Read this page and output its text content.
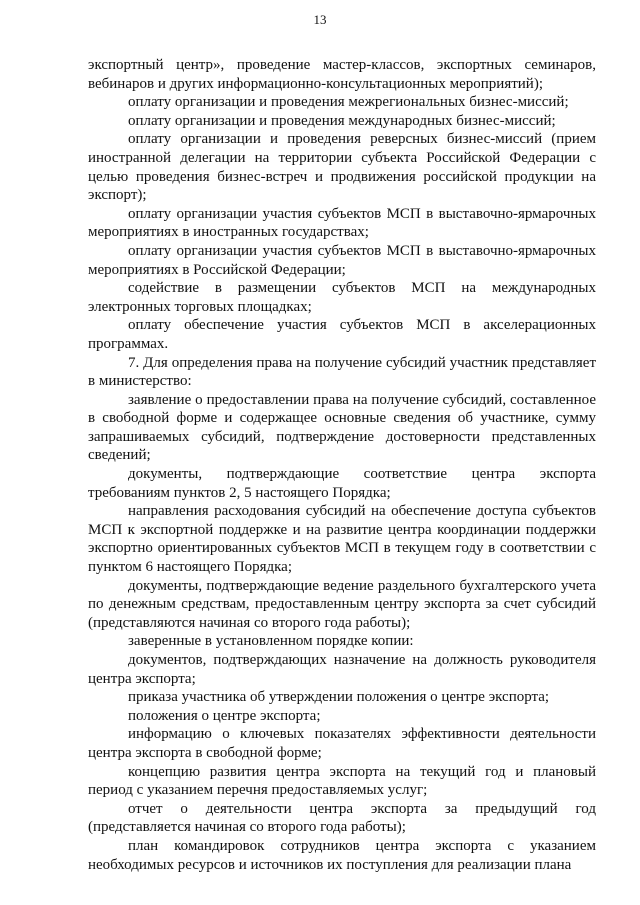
13

экспортный центр», проведение мастер-классов, экспортных семинаров, вебинаров и других информационно-консультационных мероприятий);

оплату организации и проведения межрегиональных бизнес-миссий;

оплату организации и проведения международных бизнес-миссий;

оплату организации и проведения реверсных бизнес-миссий (прием иностранной делегации на территории субъекта Российской Федерации с целью проведения бизнес-встреч и продвижения российской продукции на экспорт);

оплату организации участия субъектов МСП в выставочно-ярмарочных мероприятиях в иностранных государствах;

оплату организации участия субъектов МСП в выставочно-ярмарочных мероприятиях в Российской Федерации;

содействие в размещении субъектов МСП на международных электронных торговых площадках;

оплату обеспечение участия субъектов МСП в акселерационных программах.

7. Для определения права на получение субсидий участник представляет в министерство:

заявление о предоставлении права на получение субсидий, составленное в свободной форме и содержащее основные сведения об участнике, сумму запрашиваемых субсидий, подтверждение достоверности представленных сведений;

документы, подтверждающие соответствие центра экспорта требованиям пунктов 2, 5 настоящего Порядка;

направления расходования субсидий на обеспечение доступа субъектов МСП к экспортной поддержке и на развитие центра координации поддержки экспортно ориентированных субъектов МСП в текущем году в соответствии с пунктом 6 настоящего Порядка;

документы, подтверждающие ведение раздельного бухгалтерского учета по денежным средствам, предоставленным центру экспорта за счет субсидий (представляются начиная со второго года работы);

заверенные в установленном порядке копии:

документов, подтверждающих назначение на должность руководителя центра экспорта;

приказа участника об утверждении положения о центре экспорта;

положения о центре экспорта;

информацию о ключевых показателях эффективности деятельности центра экспорта в свободной форме;

концепцию развития центра экспорта на текущий год и плановый период с указанием перечня предоставляемых услуг;

отчет о деятельности центра экспорта за предыдущий год (представляется начиная со второго года работы);

план командировок сотрудников центра экспорта с указанием необходимых ресурсов и источников их поступления для реализации плана
